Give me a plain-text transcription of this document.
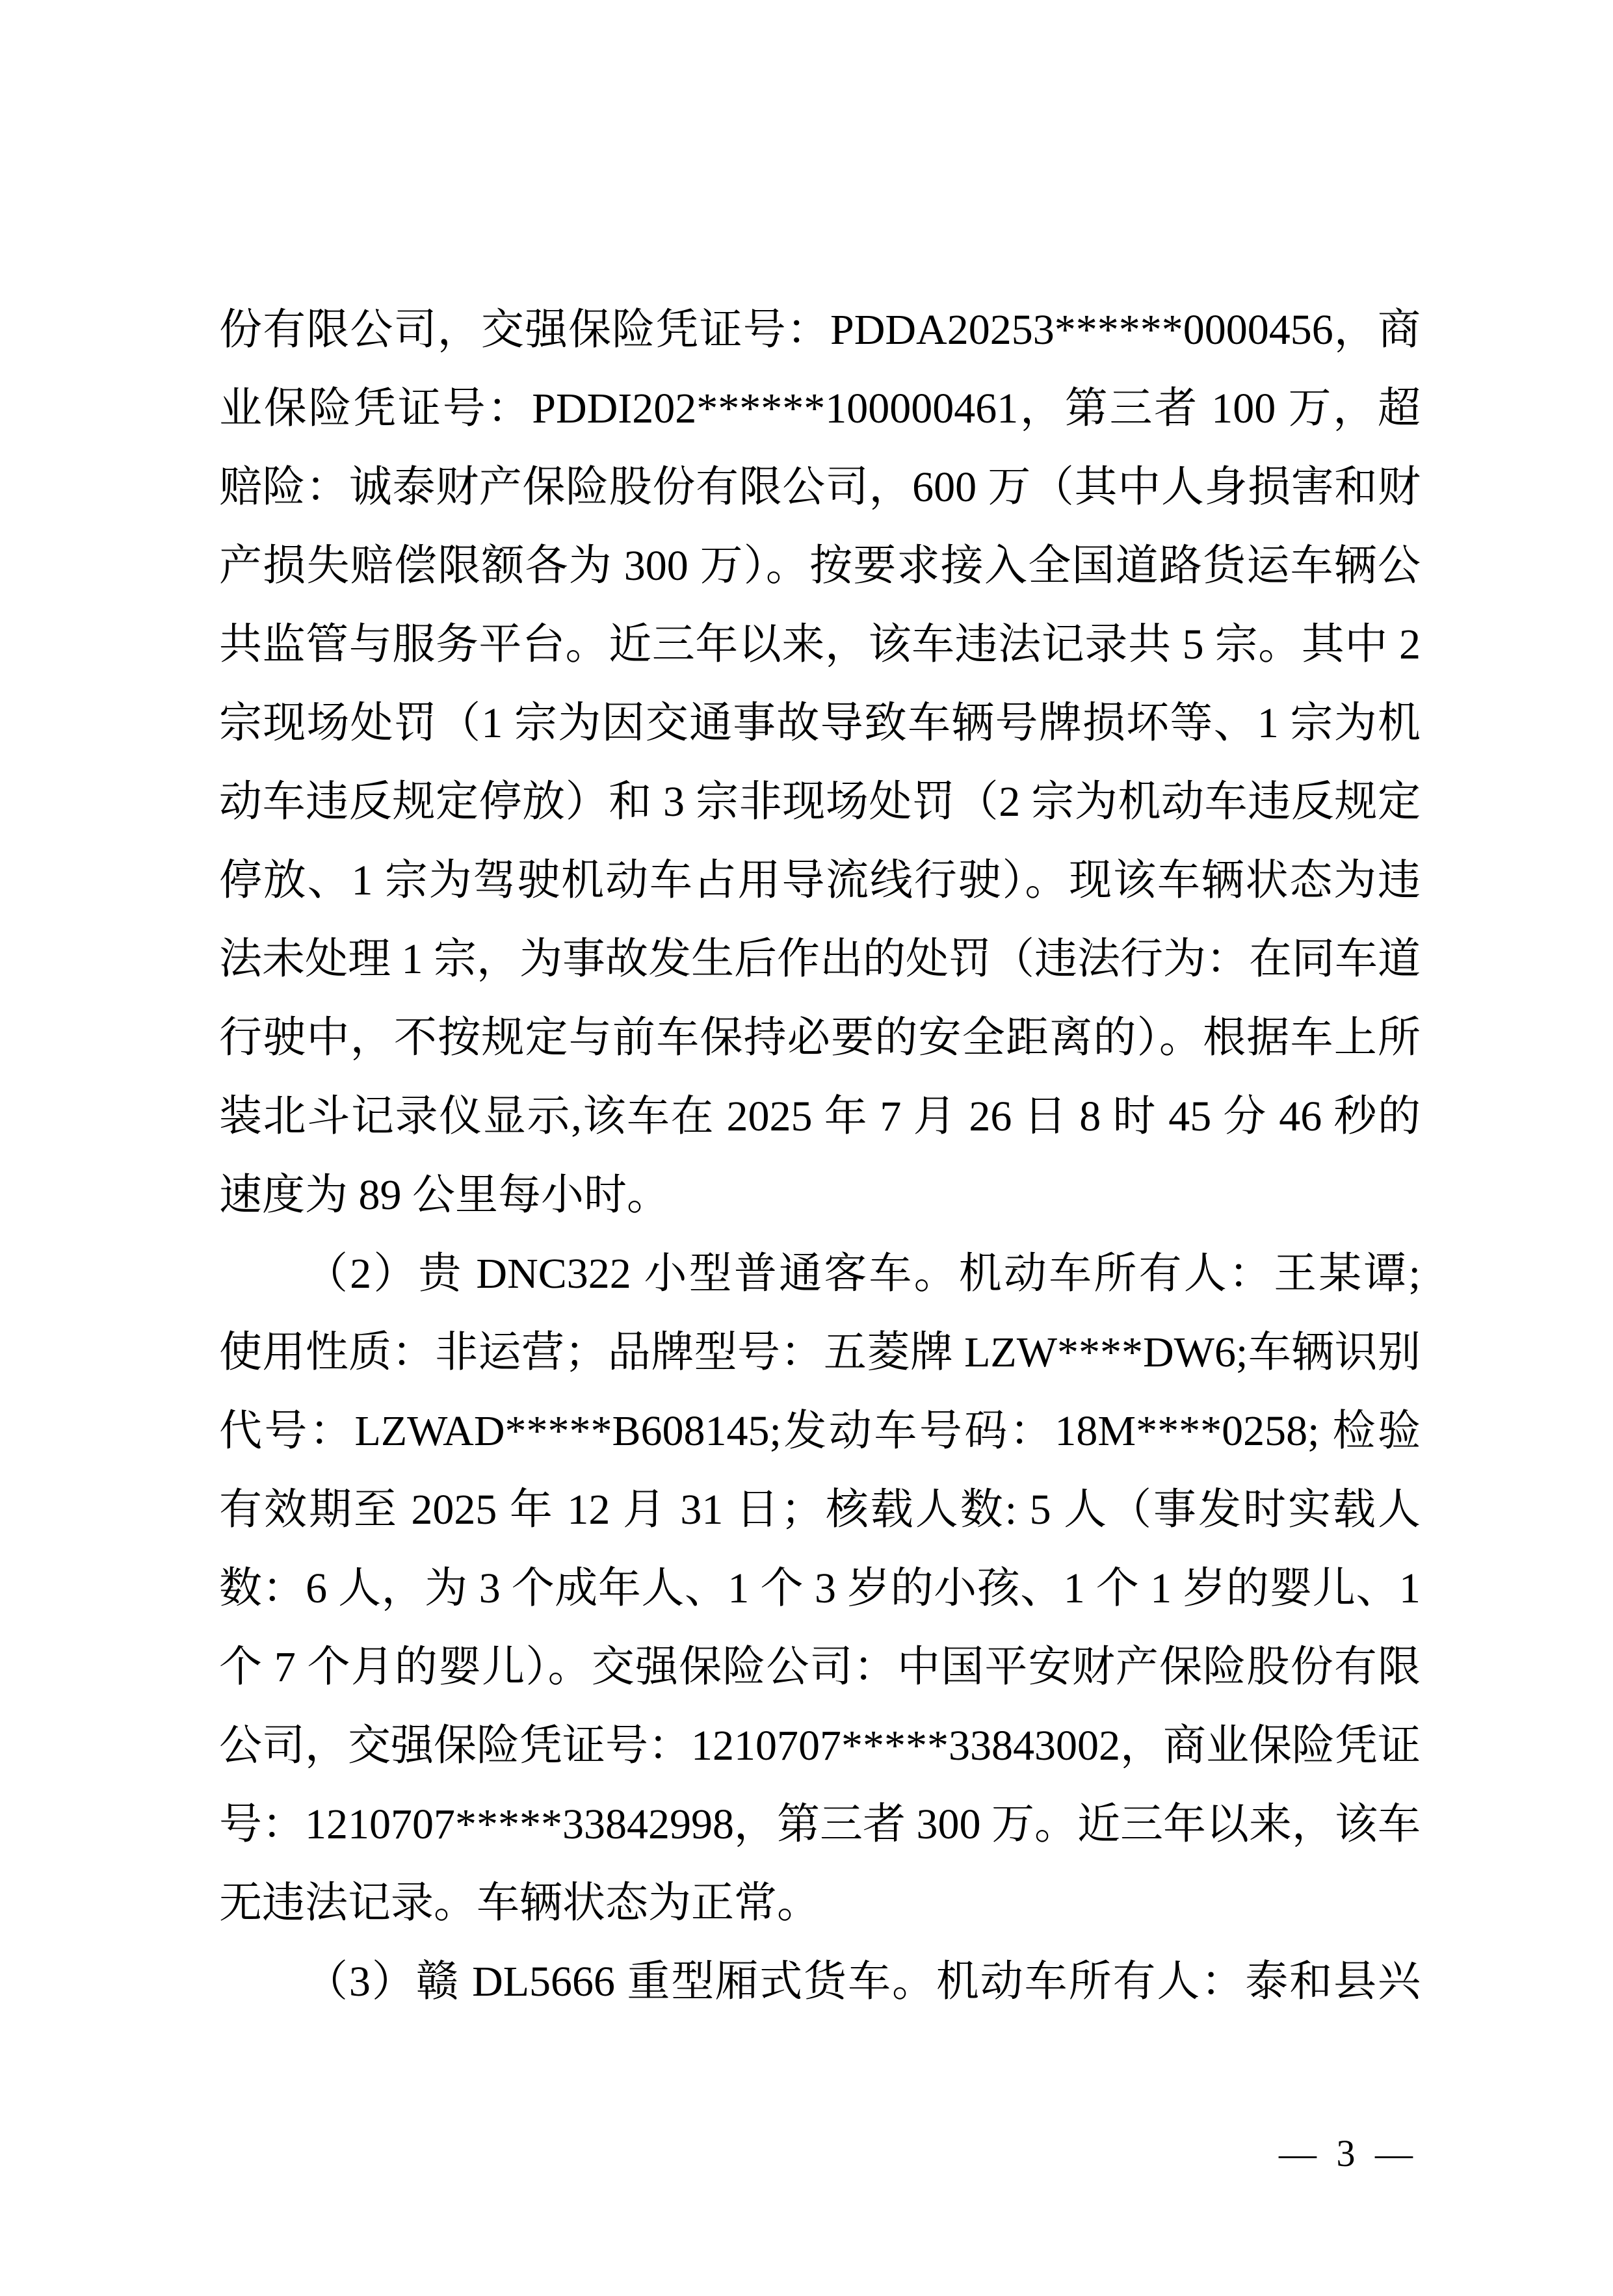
份有限公司，交强保险凭证号：PDDA20253******0000456，商
业保险凭证号：PDDI202******100000461，第三者 100 万，超
赔险：诚泰财产保险股份有限公司，600 万（其中人身损害和财
产损失赔偿限额各为 300 万）。按要求接入全国道路货运车辆公
共监管与服务平台。近三年以来，该车违法记录共 5 宗。其中 2
宗现场处罚（1 宗为因交通事故导致车辆号牌损坏等、1 宗为机
动车违反规定停放）和 3 宗非现场处罚（2 宗为机动车违反规定
停放、1 宗为驾驶机动车占用导流线行驶）。现该车辆状态为违
法未处理 1 宗，为事故发生后作出的处罚（违法行为：在同车道
行驶中，不按规定与前车保持必要的安全距离的）。根据车上所
装北斗记录仪显示,该车在 2025 年 7 月 26 日 8 时 45 分 46 秒的
速度为 89 公里每小时。
（2）贵 DNC322 小型普通客车。机动车所有人：王某谭;
使用性质：非运营；品牌型号：五菱牌 LZW****DW6;车辆识别
代号：LZWAD*****B608145;发动车号码：18M****0258; 检验
有效期至 2025 年 12 月 31 日；核载人数: 5 人（事发时实载人
数：6 人，为 3 个成年人、1 个 3 岁的小孩、1 个 1 岁的婴儿、1
个 7 个月的婴儿）。交强保险公司：中国平安财产保险股份有限
公司，交强保险凭证号：1210707*****33843002，商业保险凭证
号：1210707*****33842998，第三者 300 万。近三年以来，该车
无违法记录。车辆状态为正常。
（3）赣 DL5666 重型厢式货车。机动车所有人：泰和县兴
— 3 —
